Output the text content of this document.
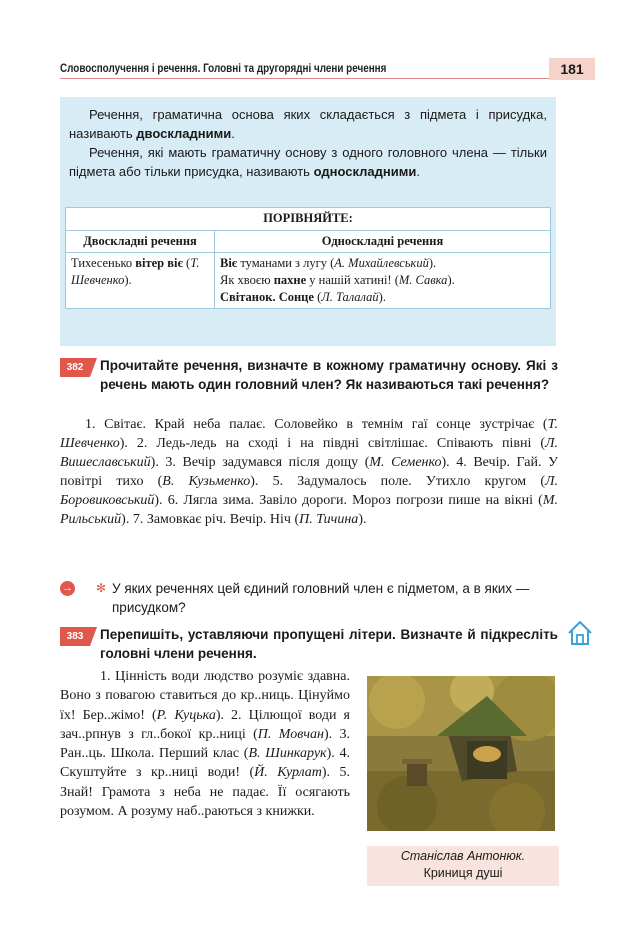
Словосполучення і речення. Головні та другорядні члени речення	181

Речення, граматична основа яких складається з підмета і присудка, називають двоскладними.

Речення, які мають граматичну основу з одного головного члена — тільки підмета або тільки присудка, називають односкладними.

ПОРІВНЯЙТЕ:	
Двоскладні речення	Односкладні речення
Тихесенько вітер віє (Т. Шевченко).	Віє туманами з лугу (А. Михайлевський).
Як хвоєю пахне у нашій хатині! (М. Савка).
Світанок. Сонце (Л. Талалай).
382	Прочитайте речення, визначте в кожному граматичну основу. Які з речень мають один головний член? Як називаються такі речення?

1. Світає. Край неба палає. Соловейко в темнім гаї сонце зустрічає (Т. Шевченко). 2. Ледь-ледь на сході і на півдні світлішає. Співають півні (Л. Вишеславський). 3. Вечір задумався після дощу (М. Семенко). 4. Вечір. Гай. У повітрі тихо (В. Кузьменко). 5. Задумалось поле. Утихло кругом (Л. Боровиковський). 6. Лягла зима. Завіло дороги. Мороз погрози пише на вікні (М. Рильський). 7. Замовкає річ. Вечір. Ніч (П. Тичина).

→ ✻ У яких реченнях цей єдиний головний член є підметом, а в яких — присудком?
383	Перепишіть, уставляючи пропущені літери. Визначте й підкресліть головні члени речення.

1. Цінність води людство розуміє здавна. Воно з повагою ставиться до кр..ниць. Цінуймо їх! Бер..жімо! (Р. Куцька). 2. Цілющої води я зач..рпнув з гл..бокої кр..ниці (П. Мовчан). 3. Ран..ць. Школа. Перший клас (В. Шинкарук). 4. Скуштуйте з кр..ниці води! (Й. Курлат). 5. Знай! Грамота з неба не падає. Її осягають розумом. А розуму наб..раються з книжки.

Станіслав Антонюк.
Криниця душі
